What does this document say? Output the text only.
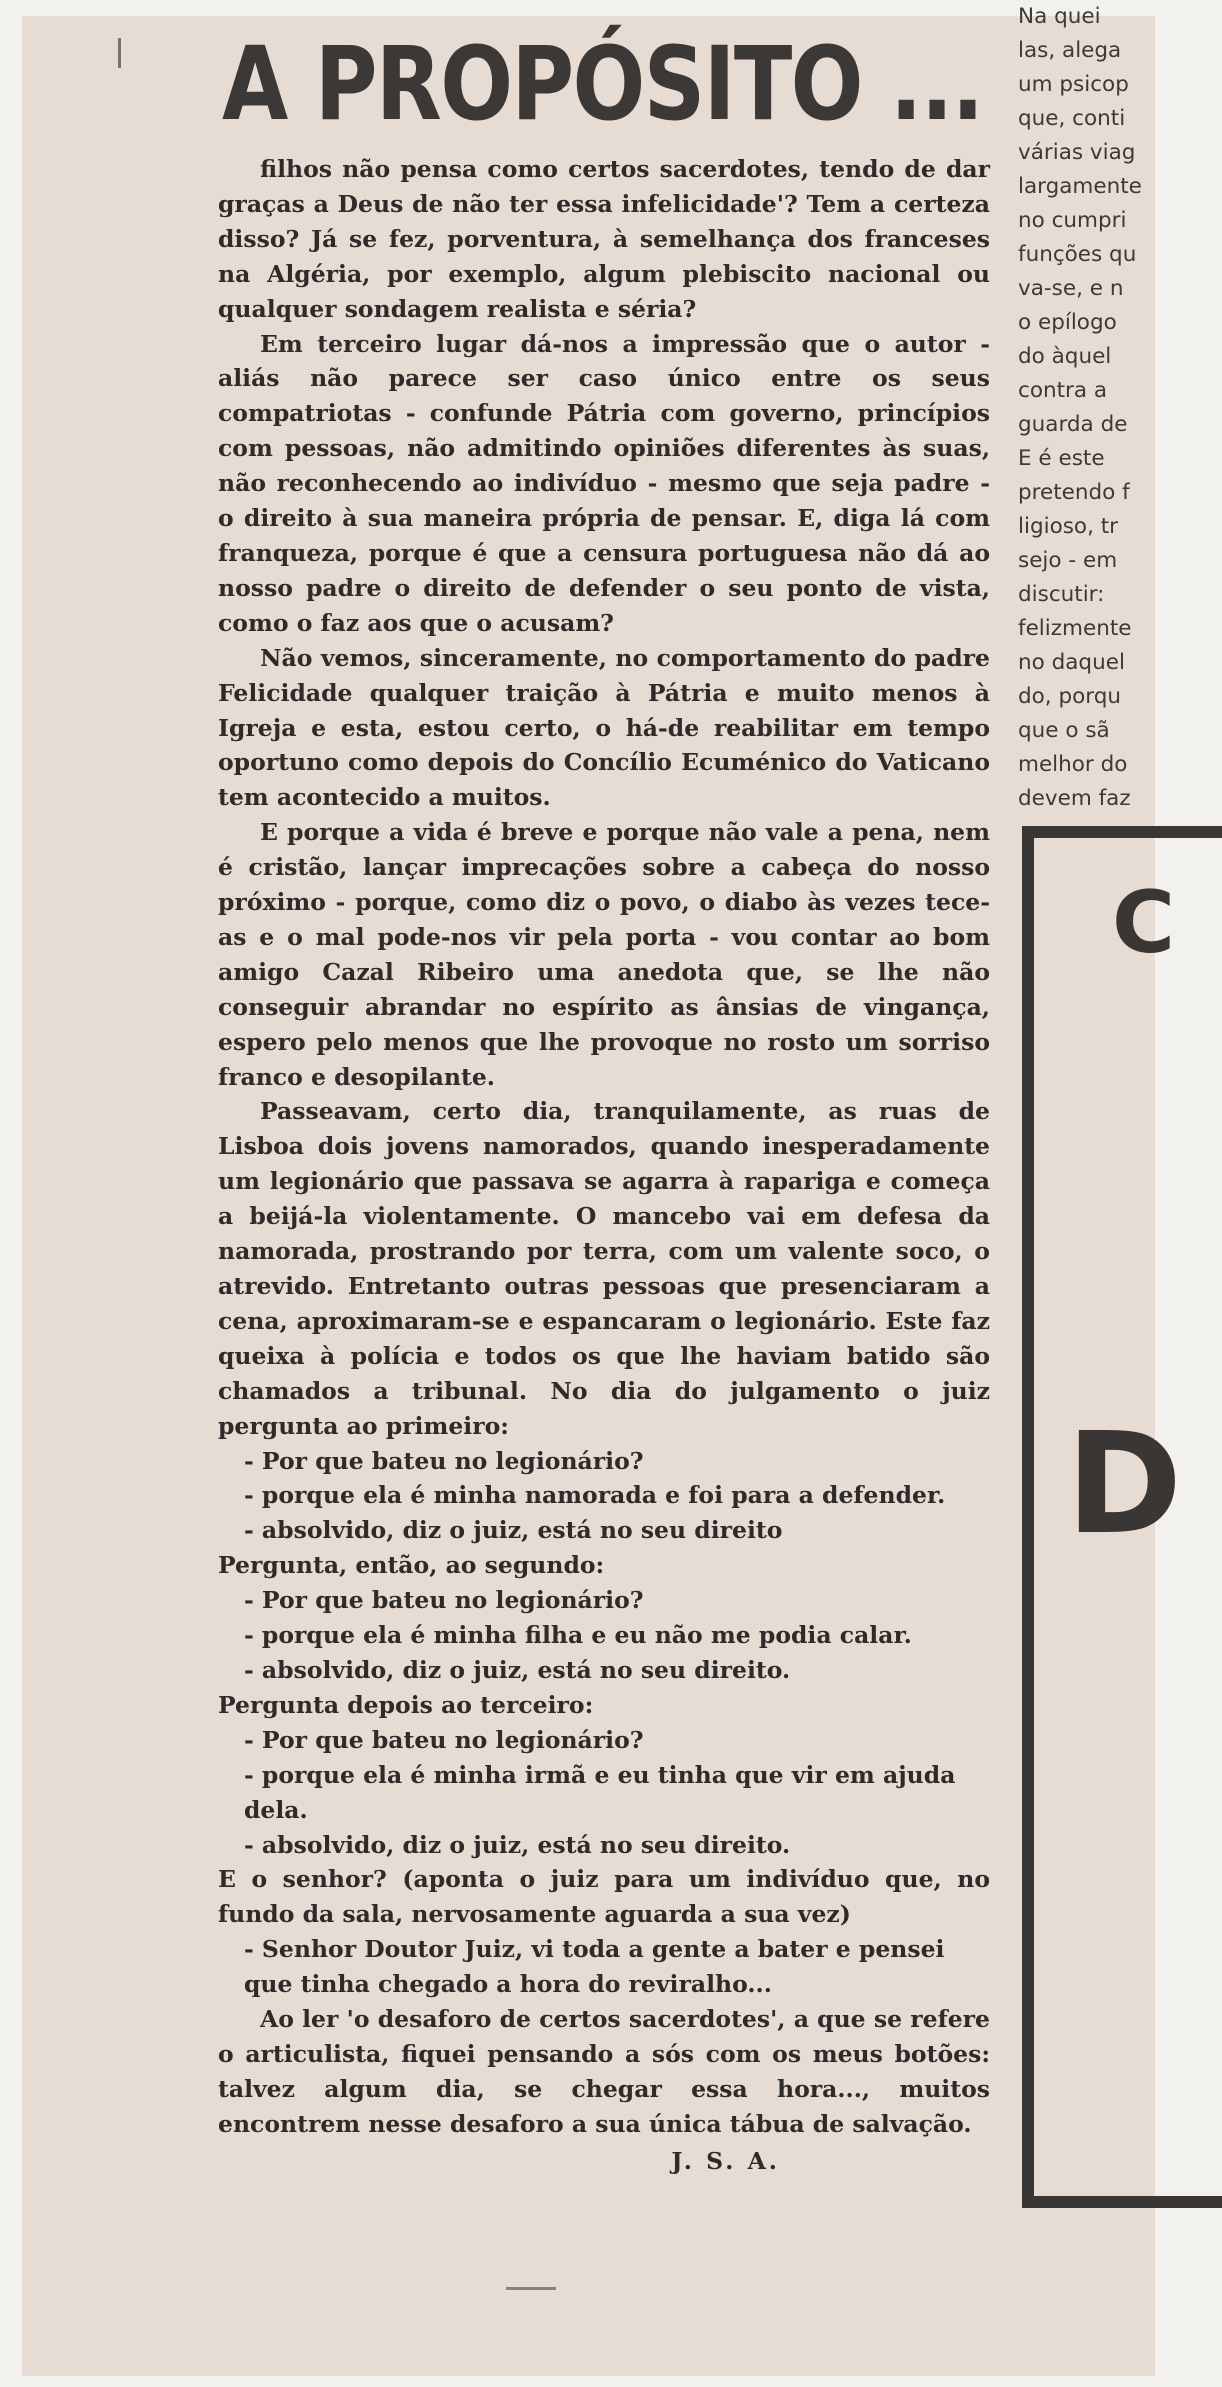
A PROPÓSITO ...

filhos não pensa como certos sacerdotes, tendo de dar graças a Deus de não ter essa infelicidade'? Tem a certeza disso? Já se fez, porventura, à semelhança dos franceses na Algéria, por exemplo, algum plebiscito nacional ou qualquer sondagem realista e séria?

Em terceiro lugar dá-nos a impressão que o autor - aliás não parece ser caso único entre os seus compatriotas - confunde Pátria com governo, princípios com pessoas, não admitindo opiniões diferentes às suas, não reconhecendo ao indivíduo - mesmo que seja padre - o direito à sua maneira própria de pensar. E, diga lá com franqueza, porque é que a censura portuguesa não dá ao nosso padre o direito de defender o seu ponto de vista, como o faz aos que o acusam?

Não vemos, sinceramente, no comportamento do padre Felicidade qualquer traição à Pátria e muito menos à Igreja e esta, estou certo, o há-de reabilitar em tempo oportuno como depois do Concílio Ecuménico do Vaticano tem acontecido a muitos.

E porque a vida é breve e porque não vale a pena, nem é cristão, lançar imprecações sobre a cabeça do nosso próximo - porque, como diz o povo, o diabo às vezes tece-as e o mal pode-nos vir pela porta - vou contar ao bom amigo Cazal Ribeiro uma anedota que, se lhe não conseguir abrandar no espírito as ânsias de vingança, espero pelo menos que lhe provoque no rosto um sorriso franco e desopilante.

Passeavam, certo dia, tranquilamente, as ruas de Lisboa dois jovens namorados, quando inesperadamente um legionário que passava se agarra à rapariga e começa a beijá-la violentamente. O mancebo vai em defesa da namorada, prostrando por terra, com um valente soco, o atrevido. Entretanto outras pessoas que presenciaram a cena, aproximaram-se e espancaram o legionário. Este faz queixa à polícia e todos os que lhe haviam batido são chamados a tribunal. No dia do julgamento o juiz pergunta ao primeiro:

- Por que bateu no legionário?

- porque ela é minha namorada e foi para a defender.

- absolvido, diz o juiz, está no seu direito

Pergunta, então, ao segundo:

- Por que bateu no legionário?

- porque ela é minha filha e eu não me podia calar.

- absolvido, diz o juiz, está no seu direito.

Pergunta depois ao terceiro:

- Por que bateu no legionário?

- porque ela é minha irmã e eu tinha que vir em ajuda dela.

- absolvido, diz o juiz, está no seu direito.

E o senhor? (aponta o juiz para um indivíduo que, no fundo da sala, nervosamente aguarda a sua vez)

- Senhor Doutor Juiz, vi toda a gente a bater e pensei que tinha chegado a hora do reviralho...

Ao ler 'o desaforo de certos sacerdotes', a que se refere o articulista, fiquei pensando a sós com os meus botões: talvez algum dia, se chegar essa hora..., muitos encontrem nesse desaforo a sua única tábua de salvação.

J. S. A.

Na quei
las, alega
um psicop
que, conti
várias viag
largamente
no cumpri
funções qu
va-se, e n
o epílogo
do àquel
contra a
guarda de
E é este
pretendo f
ligioso, tr
sejo - em
discutir:
felizmente
no daquel
do, porqu
que o sã
melhor do
devem faz
C
D
